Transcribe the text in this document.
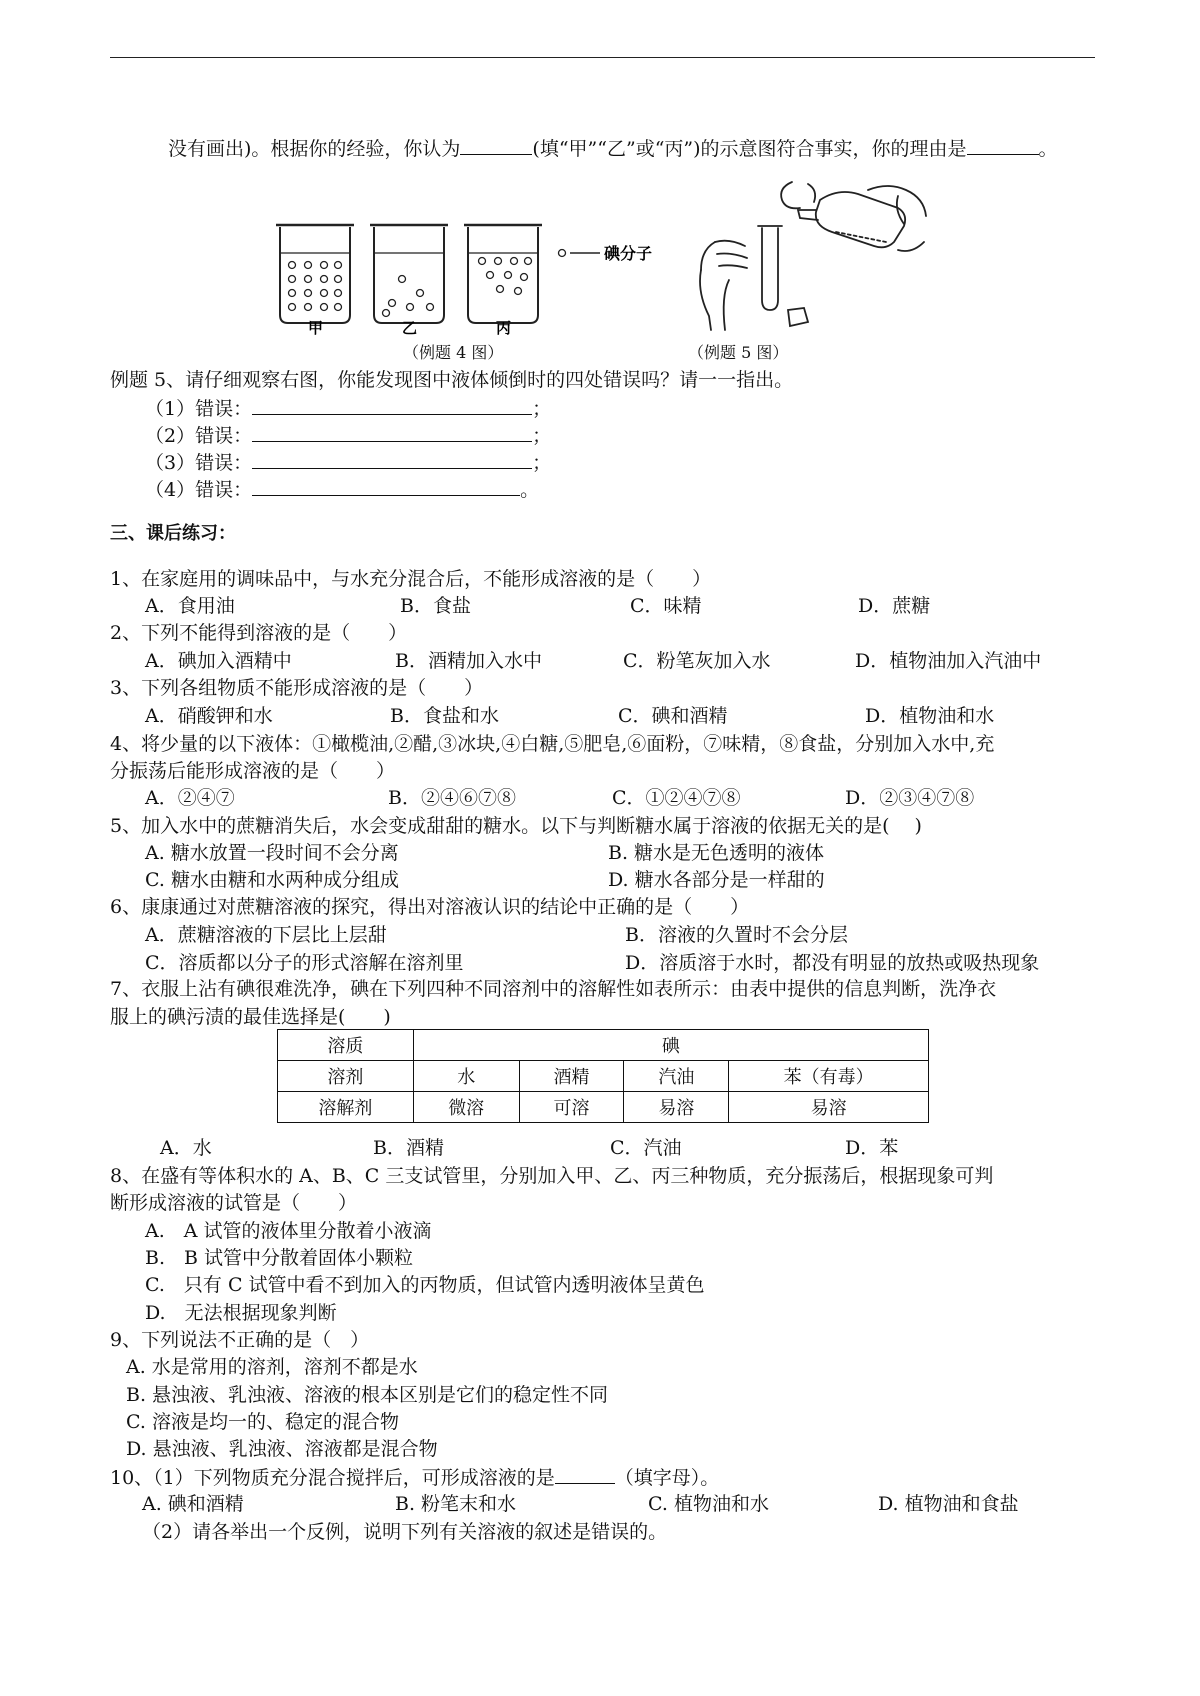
没有画出)。根据你的经验，你认为	(填“甲”“乙”或“丙”)的示意图符合事实，你的理由是	。
碘分子
甲	乙	丙
（例题 4 图）	（例题 5 图）
例题 5、请仔细观察右图，你能发现图中液体倾倒时的四处错误吗？请一一指出。
（1）错误：	；
（2）错误：	；
（3）错误：	；
（4）错误：	。
三、课后练习：
1、在家庭用的调味品中，与水充分混合后，不能形成溶液的是（　　）
A．食用油	B．食盐	C．味精	D．蔗糖
2、下列不能得到溶液的是（　　）
A．碘加入酒精中	B．酒精加入水中	C．粉笔灰加入水	D．植物油加入汽油中
3、下列各组物质不能形成溶液的是（　　）
A．硝酸钾和水	B．食盐和水	C．碘和酒精	D．植物油和水
4、将少量的以下液体：①橄榄油,②醋,③冰块,④白糖,⑤肥皂,⑥面粉，⑦味精，⑧食盐，分别加入水中,充
分振荡后能形成溶液的是（　　）
A．②④⑦	B．②④⑥⑦⑧	C．①②④⑦⑧	D．②③④⑦⑧
5、加入水中的蔗糖消失后，水会变成甜甜的糖水。以下与判断糖水属于溶液的依据无关的是(　 )
A. 糖水放置一段时间不会分离	B. 糖水是无色透明的液体
C. 糖水由糖和水两种成分组成	D. 糖水各部分是一样甜的
6、康康通过对蔗糖溶液的探究，得出对溶液认识的结论中正确的是（　　）
A．蔗糖溶液的下层比上层甜	B．溶液的久置时不会分层
C．溶质都以分子的形式溶解在溶剂里	D．溶质溶于水时，都没有明显的放热或吸热现象
7、衣服上沾有碘很难洗净，碘在下列四种不同溶剂中的溶解性如表所示：由表中提供的信息判断，洗净衣
服上的碘污渍的最佳选择是(　　)
溶质	碘			
溶剂	水	酒精	汽油	苯（有毒）
溶解剂	微溶	可溶	易溶	易溶
A．水	B．酒精	C．汽油	D．苯
8、在盛有等体积水的 A、B、C 三支试管里，分别加入甲、乙、丙三种物质，充分振荡后，根据现象可判
断形成溶液的试管是（　　）
A.　A 试管的液体里分散着小液滴
B.　B 试管中分散着固体小颗粒
C.　只有 C 试管中看不到加入的丙物质，但试管内透明液体呈黄色
D.　无法根据现象判断
9、下列说法不正确的是（　）
A. 水是常用的溶剂，溶剂不都是水
B. 悬浊液、乳浊液、溶液的根本区别是它们的稳定性不同
C. 溶液是均一的、稳定的混合物
D. 悬浊液、乳浊液、溶液都是混合物
10、（1）下列物质充分混合搅拌后，可形成溶液的是	（填字母）。
A. 碘和酒精	B. 粉笔末和水	C. 植物油和水	D. 植物油和食盐
（2）请各举出一个反例，说明下列有关溶液的叙述是错误的。
